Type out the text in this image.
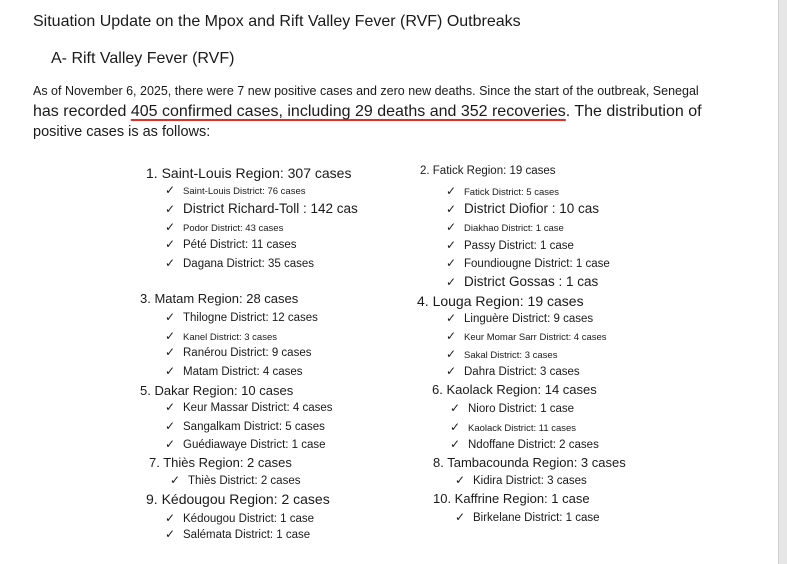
Situation Update on the Mpox and Rift Valley Fever (RVF) Outbreaks
A- Rift Valley Fever (RVF)
As of November 6, 2025, there were 7 new positive cases and zero new deaths. Since the start of the outbreak, Senegal
has recorded 405 confirmed cases, including 29 deaths and 352 recoveries. The distribution of
positive cases is as follows:
1. Saint-Louis Region: 307 cases
✓ Saint-Louis District: 76 cases
✓ District Richard-Toll : 142 cas
✓ Podor District: 43 cases
✓ Pété District: 11 cases
✓ Dagana District: 35 cases
3. Matam Region: 28 cases
✓ Thilogne District: 12 cases
✓ Kanel District: 3 cases
✓ Ranérou District: 9 cases
✓ Matam District: 4 cases
5. Dakar Region: 10 cases
✓ Keur Massar District: 4 cases
✓ Sangalkam District: 5 cases
✓ Guédiawaye District: 1 case
7. Thiès Region: 2 cases
✓ Thiès District: 2 cases
9. Kédougou Region: 2 cases
✓ Kédougou District: 1 case
✓ Salémata District: 1 case
2. Fatick Region: 19 cases
✓ Fatick District: 5 cases
✓ District Diofior : 10 cas
✓ Diakhao District: 1 case
✓ Passy District: 1 case
✓ Foundiougne District: 1 case
✓ District Gossas : 1 cas
4. Louga Region: 19 cases
✓ Linguère District: 9 cases
✓ Keur Momar Sarr District: 4 cases
✓ Sakal District: 3 cases
✓ Dahra District: 3 cases
6. Kaolack Region: 14 cases
✓ Nioro District: 1 case
✓ Kaolack District: 11 cases
✓ Ndoffane District: 2 cases
8. Tambacounda Region: 3 cases
✓ Kidira District: 3 cases
10. Kaffrine Region: 1 case
✓ Birkelane District: 1 case
